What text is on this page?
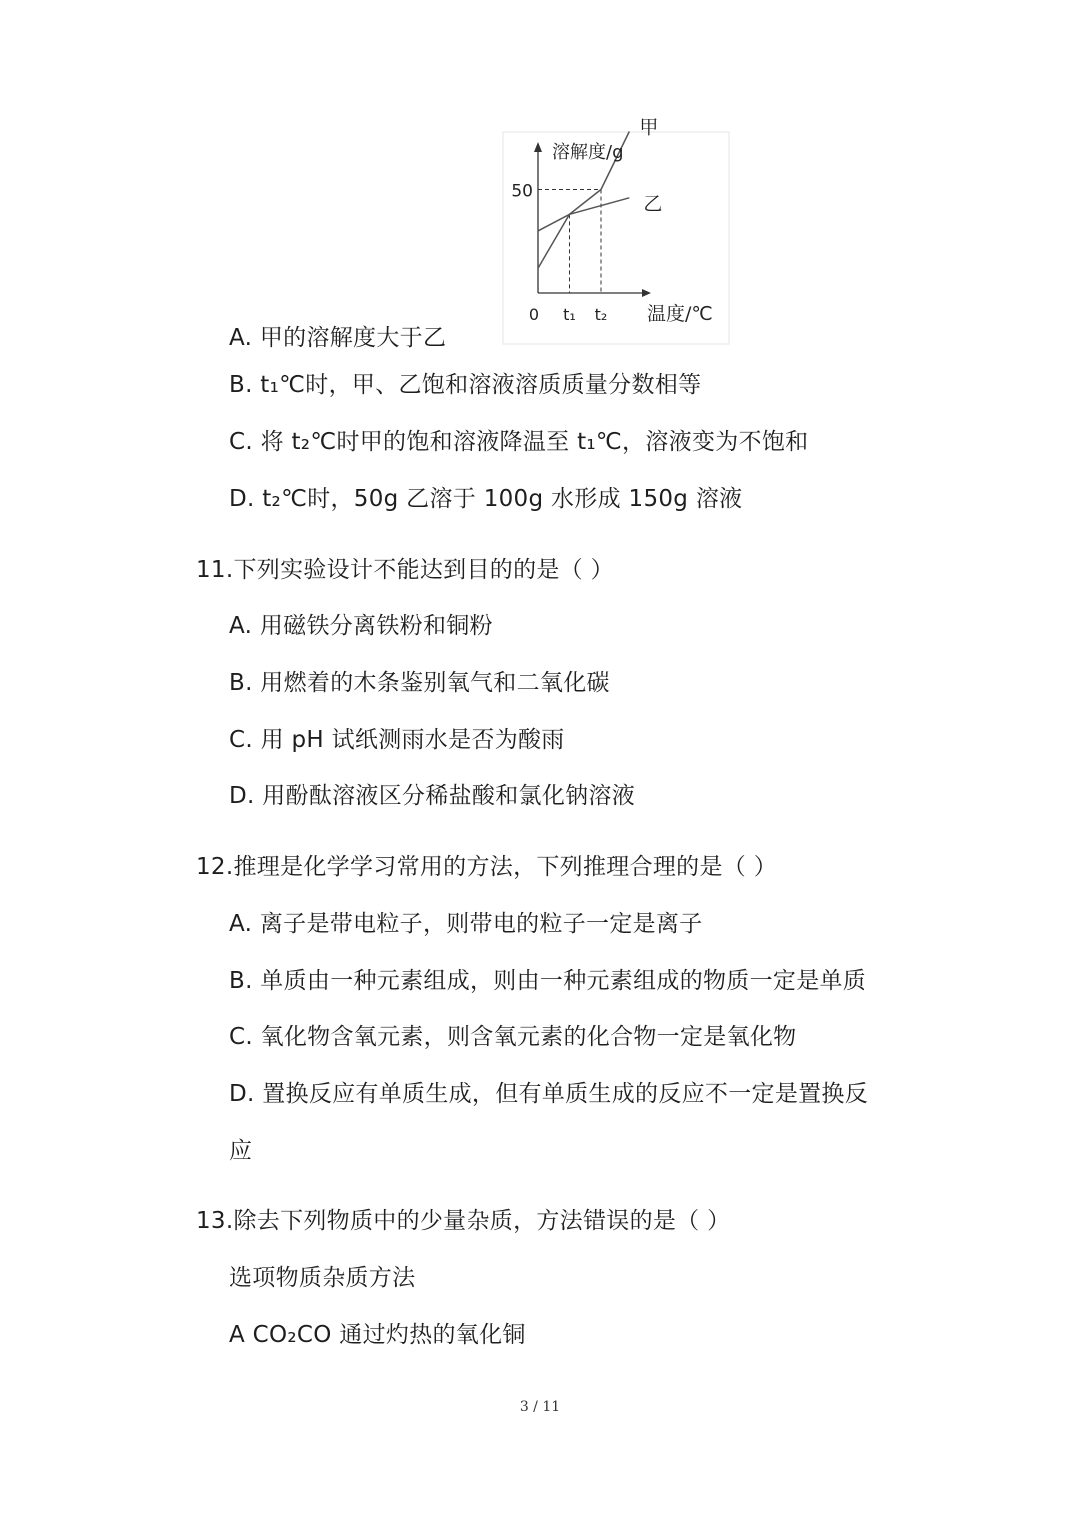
甲
乙
溶解度/g
50
0 t₁ t₂ 温度/℃
A. 甲的溶解度大于乙
B. t₁℃时，甲、乙饱和溶液溶质质量分数相等
C. 将 t₂℃时甲的饱和溶液降温至 t₁℃，溶液变为不饱和
D. t₂℃时，50g 乙溶于 100g 水形成 150g 溶液
11.下列实验设计不能达到目的的是（ ）
A. 用磁铁分离铁粉和铜粉
B. 用燃着的木条鉴别氧气和二氧化碳
C. 用 pH 试纸测雨水是否为酸雨
D. 用酚酞溶液区分稀盐酸和氯化钠溶液
12.推理是化学学习常用的方法，下列推理合理的是（ ）
A. 离子是带电粒子，则带电的粒子一定是离子
B. 单质由一种元素组成，则由一种元素组成的物质一定是单质
C. 氧化物含氧元素，则含氧元素的化合物一定是氧化物
D. 置换反应有单质生成，但有单质生成的反应不一定是置换反
应
13.除去下列物质中的少量杂质，方法错误的是（ ）
选项物质杂质方法
A CO₂CO 通过灼热的氧化铜
3 / 11
